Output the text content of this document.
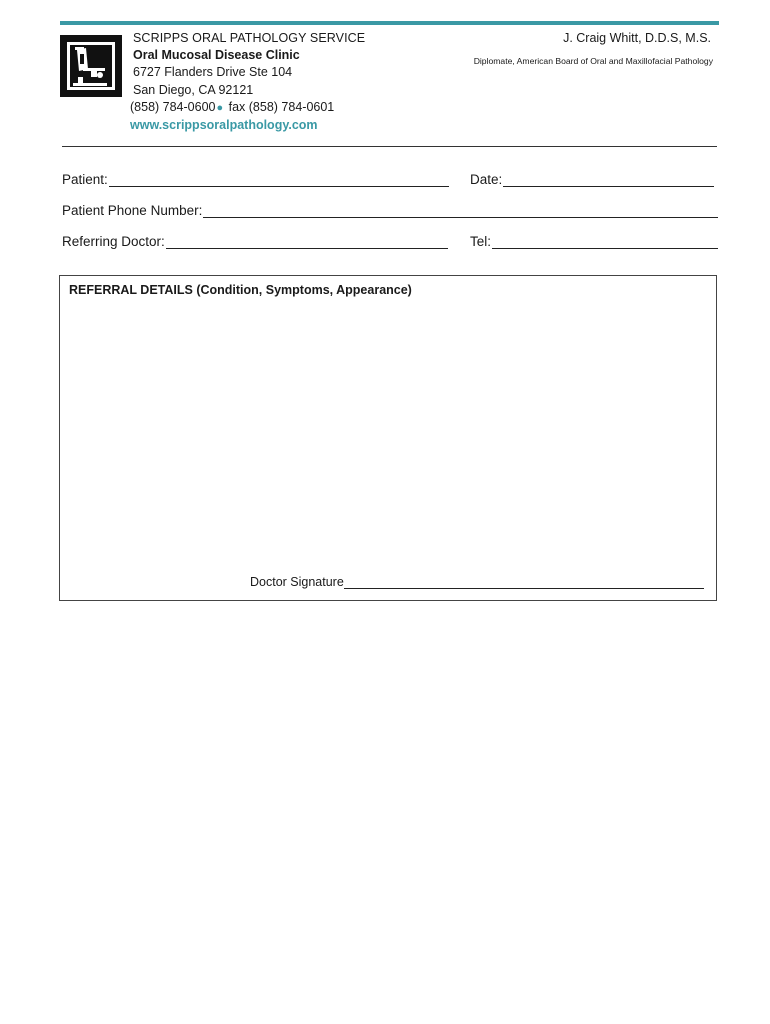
SCRIPPS ORAL PATHOLOGY SERVICE
Oral Mucosal Disease Clinic
6727 Flanders Drive Ste 104
San Diego, CA 92121
(858) 784-0600● fax (858) 784-0601
www.scrippsoralpathology.com
J. Craig Whitt, D.D.S, M.S.
Diplomate, American Board of Oral and Maxillofacial Pathology
Patient:	Date:
Patient Phone Number:
Referring Doctor:	Tel:
REFERRAL DETAILS (Condition, Symptoms, Appearance)
Doctor Signature
